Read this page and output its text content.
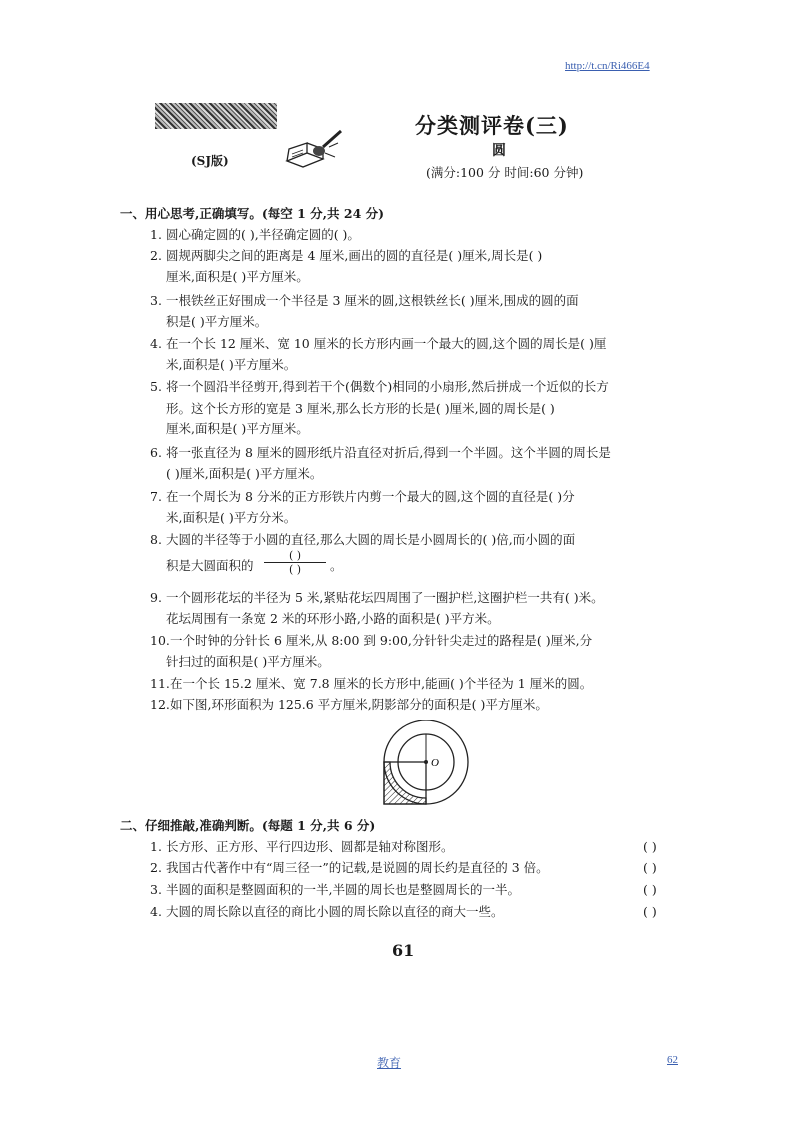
http://t.cn/Ri466E4
(SJ版)
分类测评卷(三)
圆
(满分:100 分 时间:60 分钟)
一、用心思考,正确填写。(每空 1 分,共 24 分)
1. 圆心确定圆的( ),半径确定圆的( )。
2. 圆规两脚尖之间的距离是 4 厘米,画出的圆的直径是( )厘米,周长是( )
厘米,面积是( )平方厘米。
3. 一根铁丝正好围成一个半径是 3 厘米的圆,这根铁丝长( )厘米,围成的圆的面
积是( )平方厘米。
4. 在一个长 12 厘米、宽 10 厘米的长方形内画一个最大的圆,这个圆的周长是( )厘
米,面积是( )平方厘米。
5. 将一个圆沿半径剪开,得到若干个(偶数个)相同的小扇形,然后拼成一个近似的长方
形。这个长方形的宽是 3 厘米,那么长方形的长是( )厘米,圆的周长是( )
厘米,面积是( )平方厘米。
6. 将一张直径为 8 厘米的圆形纸片沿直径对折后,得到一个半圆。这个半圆的周长是
( )厘米,面积是( )平方厘米。
7. 在一个周长为 8 分米的正方形铁片内剪一个最大的圆,这个圆的直径是( )分
米,面积是( )平方分米。
8. 大圆的半径等于小圆的直径,那么大圆的周长是小圆周长的( )倍,而小圆的面
积是大圆面积的
( )
( )	。
9. 一个圆形花坛的半径为 5 米,紧贴花坛四周围了一圈护栏,这圈护栏一共有( )米。
花坛周围有一条宽 2 米的环形小路,小路的面积是( )平方米。
10.一个时钟的分针长 6 厘米,从 8:00 到 9:00,分针针尖走过的路程是( )厘米,分
针扫过的面积是( )平方厘米。
11.在一个长 15.2 厘米、宽 7.8 厘米的长方形中,能画( )个半径为 1 厘米的圆。
12.如下图,环形面积为 125.6 平方厘米,阴影部分的面积是( )平方厘米。
O
二、仔细推敲,准确判断。(每题 1 分,共 6 分)
1. 长方形、正方形、平行四边形、圆都是轴对称图形。	( )
2. 我国古代著作中有“周三径一”的记载,是说圆的周长约是直径的 3 倍。	( )
3. 半圆的面积是整圆面积的一半,半圆的周长也是整圆周长的一半。	( )
4. 大圆的周长除以直径的商比小圆的周长除以直径的商大一些。	( )
61
教育	62
